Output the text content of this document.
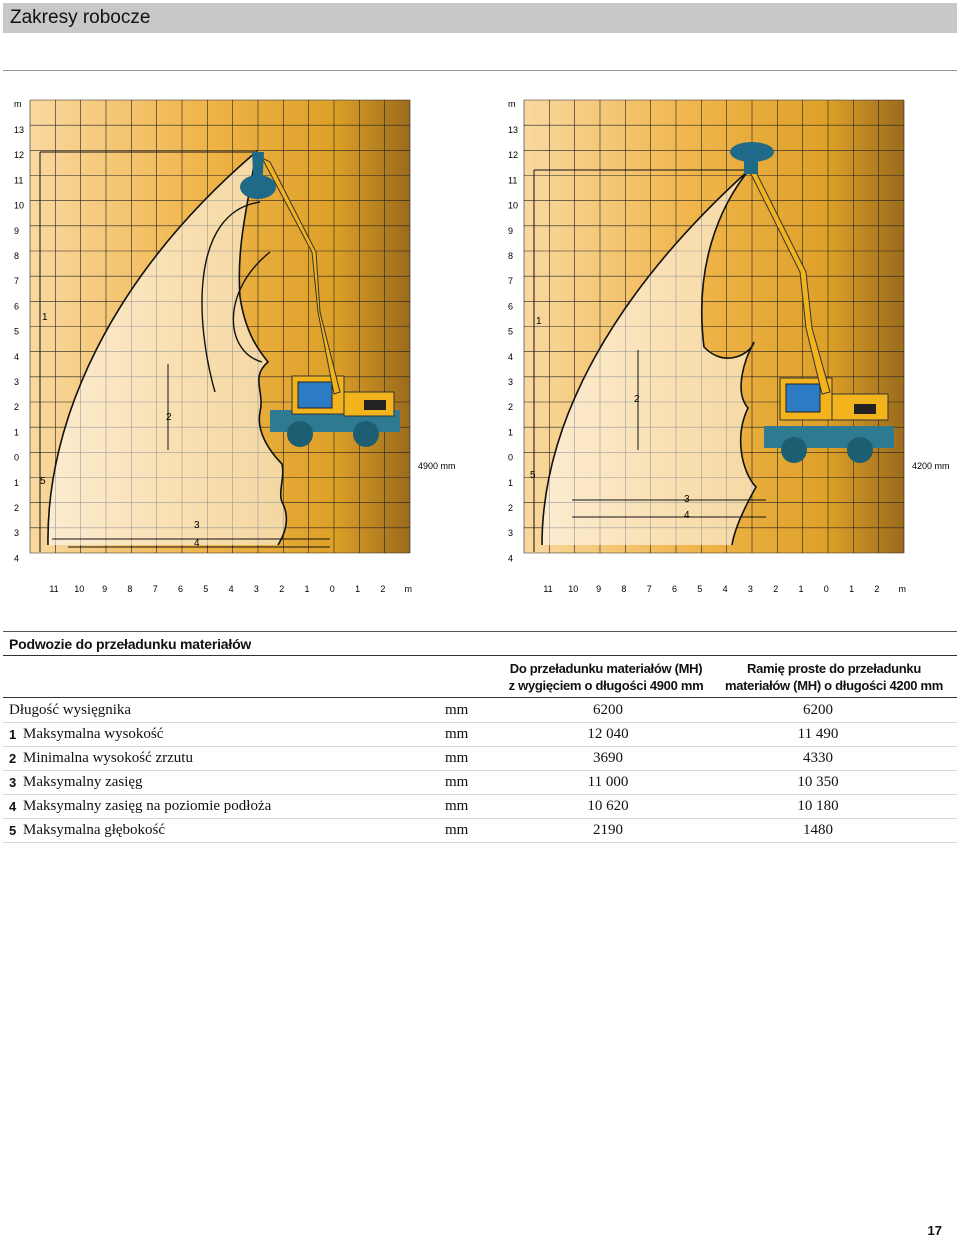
Zakresy robocze
m
13
12
11
10
9
8
7
6
5
4
3
2
1
0
1
2
3
4
11 10 9 8 7 6 5 4 3 2 1 0 1 2 m
1
2
3
4
5
4900 mm
m
13
12
11
10
9
8
7
6
5
4
3
2
1
0
1
2
3
4
11 10 9 8 7 6 5 4 3 2 1 0 1 2 m
1
2
3
4
5
4200 mm
Podwozie do przeładunku materiałów
Do przeładunku materiałów (MH)
z wygięciem o długości 4900 mm
Ramię proste do przeładunku
materiałów (MH) o długości 4200 mm
Długość wysięgnika	mm	6200	6200
1 Maksymalna wysokość	mm	12 040	11 490
2 Minimalna wysokość zrzutu	mm	3690	4330
3 Maksymalny zasięg	mm	11 000	10 350
4 Maksymalny zasięg na poziomie podłoża	mm	10 620	10 180
5 Maksymalna głębokość	mm	2190	1480
17
